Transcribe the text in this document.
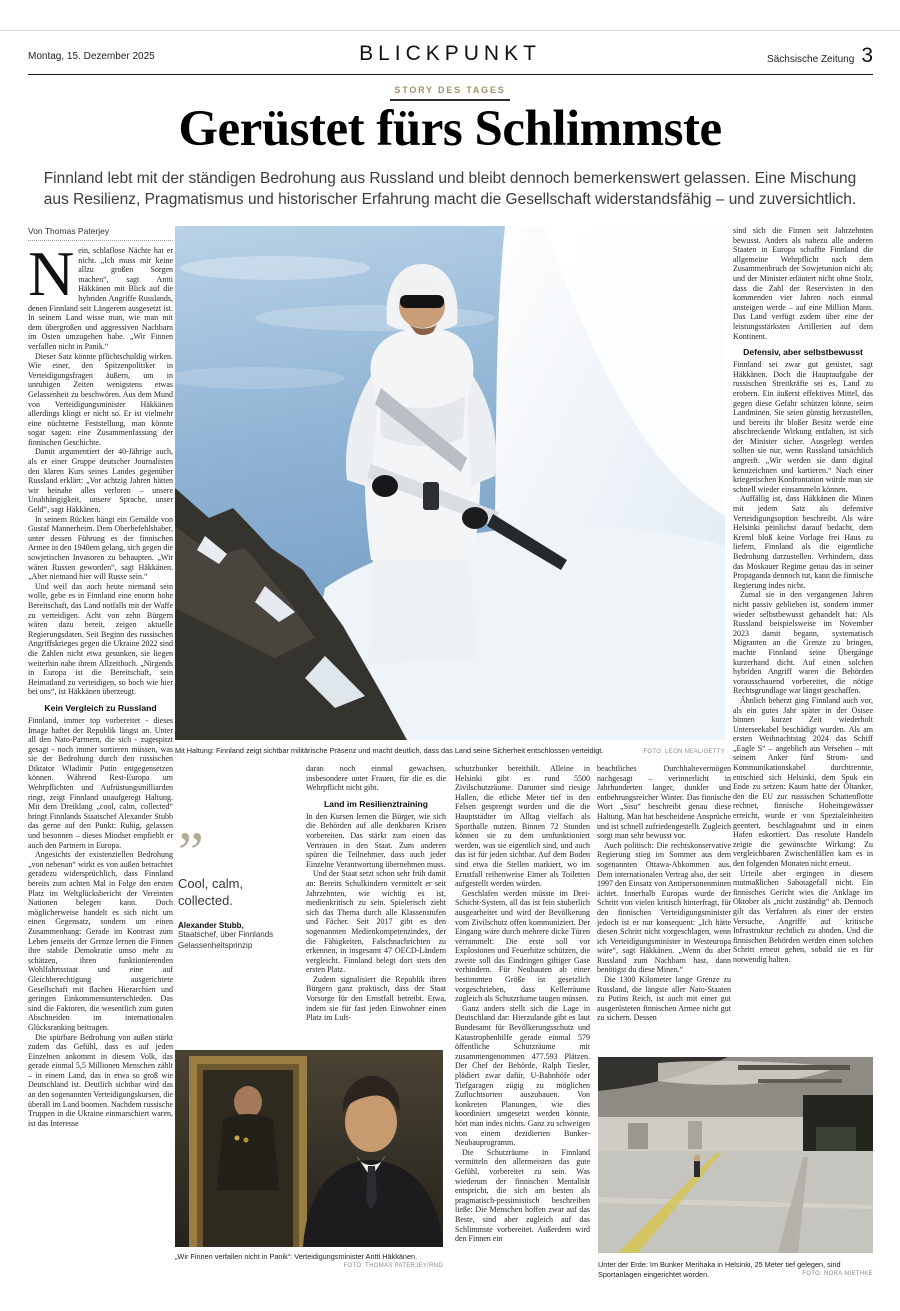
Montag, 15. Dezember 2025	BLICKPUNKT	Sächsische Zeitung 3
STORY DES TAGES
Gerüstet fürs Schlimmste
Finnland lebt mit der ständigen Bedrohung aus Russland und bleibt dennoch bemerkenswert gelassen. Eine Mischung aus Resilienz, Pragmatismus und historischer Erfahrung macht die Gesellschaft widerstandsfähig – und zuversichtlich.
Von Thomas Paterjey

Nein, schlaflose Nächte hat er nicht. „Ich muss mir keine allzu großen Sorgen machen“, sagt Antti Häkkänen mit Blick auf die hybriden Angriffe Russlands, denen Finnland seit Längerem ausgesetzt ist. In seinem Land wisse man, wie man mit dem übergroßen und aggressiven Nachbarn im Osten umzugehen habe. „Wir Finnen verfallen nicht in Panik.“

Dieser Satz könnte pflichtschuldig wirken. Wie einer, den Spitzenpolitiker in Verteidigungsfragen äußern, um in unruhigen Zeiten wenigstens etwas Gelassenheit zu beschwören. Aus dem Mund von Verteidigungsminister Häkkänen allerdings klingt er nicht so. Er ist vielmehr eine nüchterne Feststellung, man könnte sogar sagen: eine Zusammenfassung der finnischen Geschichte.

Damit argumentiert der 40-Jährige auch, als er einer Gruppe deutscher Journalisten den klaren Kurs seines Landes gegenüber Russland erklärt: „Vor achtzig Jahren hätten wir beinahe alles verloren – unsere Unabhängigkeit, unsere Sprache, unser Geld“, sagt Häkkänen.

In seinem Rücken hängt ein Gemälde von Gustaf Mannerheim. Dem Oberbefehlshaber, unter dessen Führung es der finnischen Armee in den 1940ern gelang, sich gegen die sowjetischen Invasoren zu behaupten. „Wir wären Russen geworden“, sagt Häkkänen. „Aber niemand hier will Russe sein.“

Und weil das auch heute niemand sein wolle, gebe es in Finnland eine enorm hohe Bereitschaft, das Land notfalls mit der Waffe zu verteidigen. Acht von zehn Bürgern wären dazu bereit, zeigen aktuelle Regierungsdaten. Seit Beginn des russischen Angriffskrieges gegen die Ukraine 2022 sind die Zahlen nicht etwa gesunken, sie liegen weiterhin nahe ihrem Allzeithoch. „Nirgends in Europa ist die Bereitschaft, sein Heimatland zu verteidigen, so hoch wie hier bei uns“, ist Häkkänen überzeugt.

Kein Vergleich zu Russland

Finnland, immer top vorbereitet - dieses Image haftet der Republik längst an. Unter all den Nato-Partnern, die sich - zugespitzt gesagt - noch immer sortieren müssen, was sie der Bedrohung durch den russischen Diktator Wladimir Putin entgegensetzen können. Während Rest-Europa um Wehrpflichten und Aufrüstungsmilliarden ringt, zeigt Finnland unaufgeregt Haltung. Mit dem Dreiklang „cool, calm, collected“ bringt Finnlands Staatschef Alexander Stubb das gerne auf den Punkt: Ruhig, gelassen und besonnen – dieses Mindset empfiehlt er auch den Partnern in Europa.

Angesichts der existenziellen Bedrohung „von nebenan“ wirkt es von außen betrachtet geradezu widersprüchlich, dass Finnland bereits zum achten Mal in Folge den ersten Platz im Weltglücksbericht der Vereinten Nationen belegen kann. Doch möglicherweise handelt es sich nicht um einen Gegensatz, sondern um einen Zusammenhang: Gerade im Kontrast zum Leben jenseits der Grenze lernen die Finnen ihre stabile Demokratie umso mehr zu schätzen, ihren funktionierenden Wohlfahrtsstaat und eine auf Gleichberechtigung ausgerichtete Gesellschaft mit flachen Hierarchien und geringen Einkommensunterschieden. Das sind die Faktoren, die wesentlich zum guten Abschneiden im internationalen Glücksranking beitragen.

Die spürbare Bedrohung von außen stärkt zudem das Gefühl, dass es auf jeden Einzelnen ankommt in diesem Volk, das gerade einmal 5,5 Millionen Menschen zählt – in einem Land, das in etwa so groß wie Deutschland ist. Deutlich sichtbar wird das an den sogenannten Verteidigungskursen, die überall im Land boomen. Nachdem russische Truppen in die Ukraine einmarschiert waren, ist das Interesse

Mit Haltung: Finnland zeigt sichtbar militärische Präsenz und macht deutlich, dass das Land seine Sicherheit entschlossen verteidigt.	FOTO: LEON NEAL/GETTY
”
Cool, calm, collected.
Alexander Stubb,
Staatschef, über Finnlands Gelassenheitsprinzip

daran noch einmal gewachsen, insbesondere unter Frauen, für die es die Wehrpflicht nicht gibt.

Land im Resilienztraining

In den Kursen lernen die Bürger, wie sich die Behörden auf alle denkbaren Krisen vorbereiten. Das stärkt zum einen das Vertrauen in den Staat. Zum anderen spüren die Teilnehmer, dass auch jeder Einzelne Verantwortung übernehmen muss.

Und der Staat setzt schon sehr früh damit an: Bereits Schulkindern vermittelt er seit Jahrzehnten, wie wichtig es ist, medienkritisch zu sein. Spielerisch zieht sich das Thema durch alle Klassenstufen und Fächer. Seit 2017 gibt es den sogenannten Medienkompetenzindex, der die Fähigkeiten, Falschnachrichten zu erkennen, in insgesamt 47 OECD-Ländern vergleicht. Finnland belegt dort stets den ersten Platz.

Zudem signalisiert die Republik ihren Bürgern ganz praktisch, dass der Staat Vorsorge für den Ernstfall betreibt. Etwa, indem sie für fast jeden Einwohner einen Platz im Luft-

schutzbunker bereithält. Alleine in Helsinki gibt es rund 5500 Zivilschutzräume. Darunter sind riesige Hallen, die etliche Meter tief in den Felsen gesprengt wurden und die die Hauptstädter im Alltag vielfach als Sporthalle nutzen. Binnen 72 Stunden können sie zu dem umfunktioniert werden, was sie eigentlich sind, und auch das ist für jeden sichtbar. Auf dem Boden sind etwa die Stellen markiert, wo im Ernstfall reihenweise Eimer als Toiletten aufgestellt werden würden.

Geschlafen werden müsste im Drei-Schicht-System, all das ist fein säuberlich ausgearbeitet und wird der Bevölkerung vom Zivilschutz offen kommuniziert. Der Eingang wäre durch mehrere dicke Türen verrammelt: Die erste soll vor Explosionen und Feuerhitze schützen, die zweite soll das Eindringen giftiger Gase verhindern. Für Neubauten ab einer bestimmten Größe ist gesetzlich vorgeschrieben, dass Kellerräume zugleich als Schutzräume taugen müssen.

Ganz anders stellt sich die Lage in Deutschland dar: Hierzulande gibt es laut Bundesamt für Bevölkerungsschutz und Katastrophenhilfe gerade einmal 579 öffentliche Schutzräume mit zusammengenommen 477.593 Plätzen. Der Chef der Behörde, Ralph Tiesler, plädiert zwar dafür, U-Bahnhöfe oder Tiefgaragen zügig zu möglichen Zufluchtsorten auszubauen. Von konkreten Planungen, wie dies koordiniert umgesetzt werden könnte, hört man indes nichts. Ganz zu schweigen von einem dezidierten Bunker-Neubauprogramm.

Die Schutzräume in Finnland vermitteln den allermeisten das gute Gefühl, vorbereitet zu sein. Was wiederum der finnischen Mentalität entspricht, die sich am besten als pragmatisch-pessimistisch beschreiben ließe: Die Menschen hoffen zwar auf das Beste, sind aber zugleich auf das Schlimmste vorbereitet. Außerdem wird den Finnen ein

beachtliches Durchhaltevermögen nachgesagt – verinnerlicht in Jahrhunderten langer, dunkler und entbehrungsreicher Winter. Das finnische Wort „Sisu“ beschreibt genau diese Haltung. Man hat bescheidene Ansprüche und ist schnell zufriedengestellt. Zugleich sorgt man sehr bewusst vor.

Auch politisch: Die rechtskonservative Regierung stieg im Sommer aus dem sogenannten Ottawa-Abkommen aus. Dem internationalen Vertrag also, der seit 1997 den Einsatz von Antipersonenminen ächtet. Innerhalb Europas wurde der Schritt von vielen kritisch hinterfragt, für den finnischen Verteidigungsminister jedoch ist er nur konsequent: „Ich hätte diesen Schritt nicht vorgeschlagen, wenn ich Verteidigungsminister in Westeuropa wäre“, sagt Häkkänen. „Wenn du aber Russland zum Nachbarn hast, dann benötigst du diese Minen.“

Die 1300 Kilometer lange Grenze zu Russland, die längste aller Nato-Staaten zu Putins Reich, ist auch mit einer gut ausgerüsteten finnischen Armee nicht gut zu sichern. Dessen

sind sich die Finnen seit Jahrzehnten bewusst. Anders als nahezu alle anderen Staaten in Europa schaffte Finnland die allgemeine Wehrpflicht nach dem Zusammenbruch der Sowjetunion nicht ab; und der Minister erläutert nicht ohne Stolz, dass die Zahl der Reservisten in den kommenden vier Jahren noch einmal ansteigen werde – auf eine Million Mann. Das Land verfügt zudem über eine der leistungsstärksten Artillerien auf dem Kontinent.

Defensiv, aber selbstbewusst

Finnland sei zwar gut gerüstet, sagt Häkkänen. Doch die Hauptaufgabe der russischen Streitkräfte sei es, Land zu erobern. Ein äußerst effektives Mittel, das gegen diese Gefahr schützen könne, seien Landminen. Sie seien günstig herzustellen, und bereits ihr bloßer Besitz werde eine abschreckende Wirkung entfalten, ist sich der Minister sicher. Ausgelegt werden sollten sie nur, wenn Russland tatsächlich angreift. „Wir werden sie dann digital kennzeichnen und kartieren.“ Nach einer kriegerischen Konfrontation würde man sie schnell wieder einsammeln können.

Auffällig ist, dass Häkkänen die Minen mit jedem Satz als defensive Verteidigungsoption beschreibt. Als wäre Helsinki peinlichst darauf bedacht, dem Kreml bloß keine Vorlage frei Haus zu liefern, Finnland als die eigentliche Bedrohung darzustellen. Verhindern, dass das Moskauer Regime genau das in seiner Propaganda dennoch tut, kann die finnische Regierung indes nicht.

Zumal sie in den vergangenen Jahren nicht passiv geblieben ist, sondern immer wieder selbstbewusst gehandelt hat: Als Russland beispielsweise im November 2023 damit begann, systematisch Migranten an die Grenze zu bringen, machte Finnland seine Übergänge kurzerhand dicht. Auf einen solchen hybriden Angriff waren die Behörden vorausschauend vorbereitet, die nötige Rechtsgrundlage war längst geschaffen.

Ähnlich beherzt ging Finnland auch vor, als ein gutes Jahr später in der Ostsee binnen kurzer Zeit wiederholt Unterseekabel beschädigt wurden. Als am ersten Weihnachtstag 2024 das Schiff „Eagle S“ – angeblich aus Versehen – mit seinem Anker fünf Strom- und Kommunikationskabel durchtrennte, entschied sich Helsinki, dem Spuk ein Ende zu setzen: Kaum hatte der Öltanker, den die EU zur russischen Schattenflotte rechnet, finnische Hoheitsgewässer erreicht, wurde er von Spezialeinheiten geentert, beschlagnahmt und in einen Hafen eskortiert. Das resolute Handeln zeigte die gewünschte Wirkung: Zu vergleichbaren Zwischenfällen kam es in den folgenden Monaten nicht erneut.

Urteile aber ergingen in diesem mutmaßlichen Sabotagefall nicht. Ein finnisches Gericht wies die Anklage im Oktober als „nicht zuständig“ ab. Dennoch gilt das Verfahren als einer der ersten Versuche, Angriffe auf kritische Infrastruktur rechtlich zu ahnden. Und die finnischen Behörden werden einen solchen Schritt erneut gehen, sobald sie es für notwendig halten.

„Wir Finnen verfallen nicht in Panik“: Verteidigungsminister Antti Häkkänen.
FOTO: THOMAS PATERJEY/RND	Unter der Erde: Im Bunker Merihaka in Helsinki, 25 Meter tief gelegen, sind Sportanlagen eingerichtet worden.	FOTO: NORA MIETHKE
